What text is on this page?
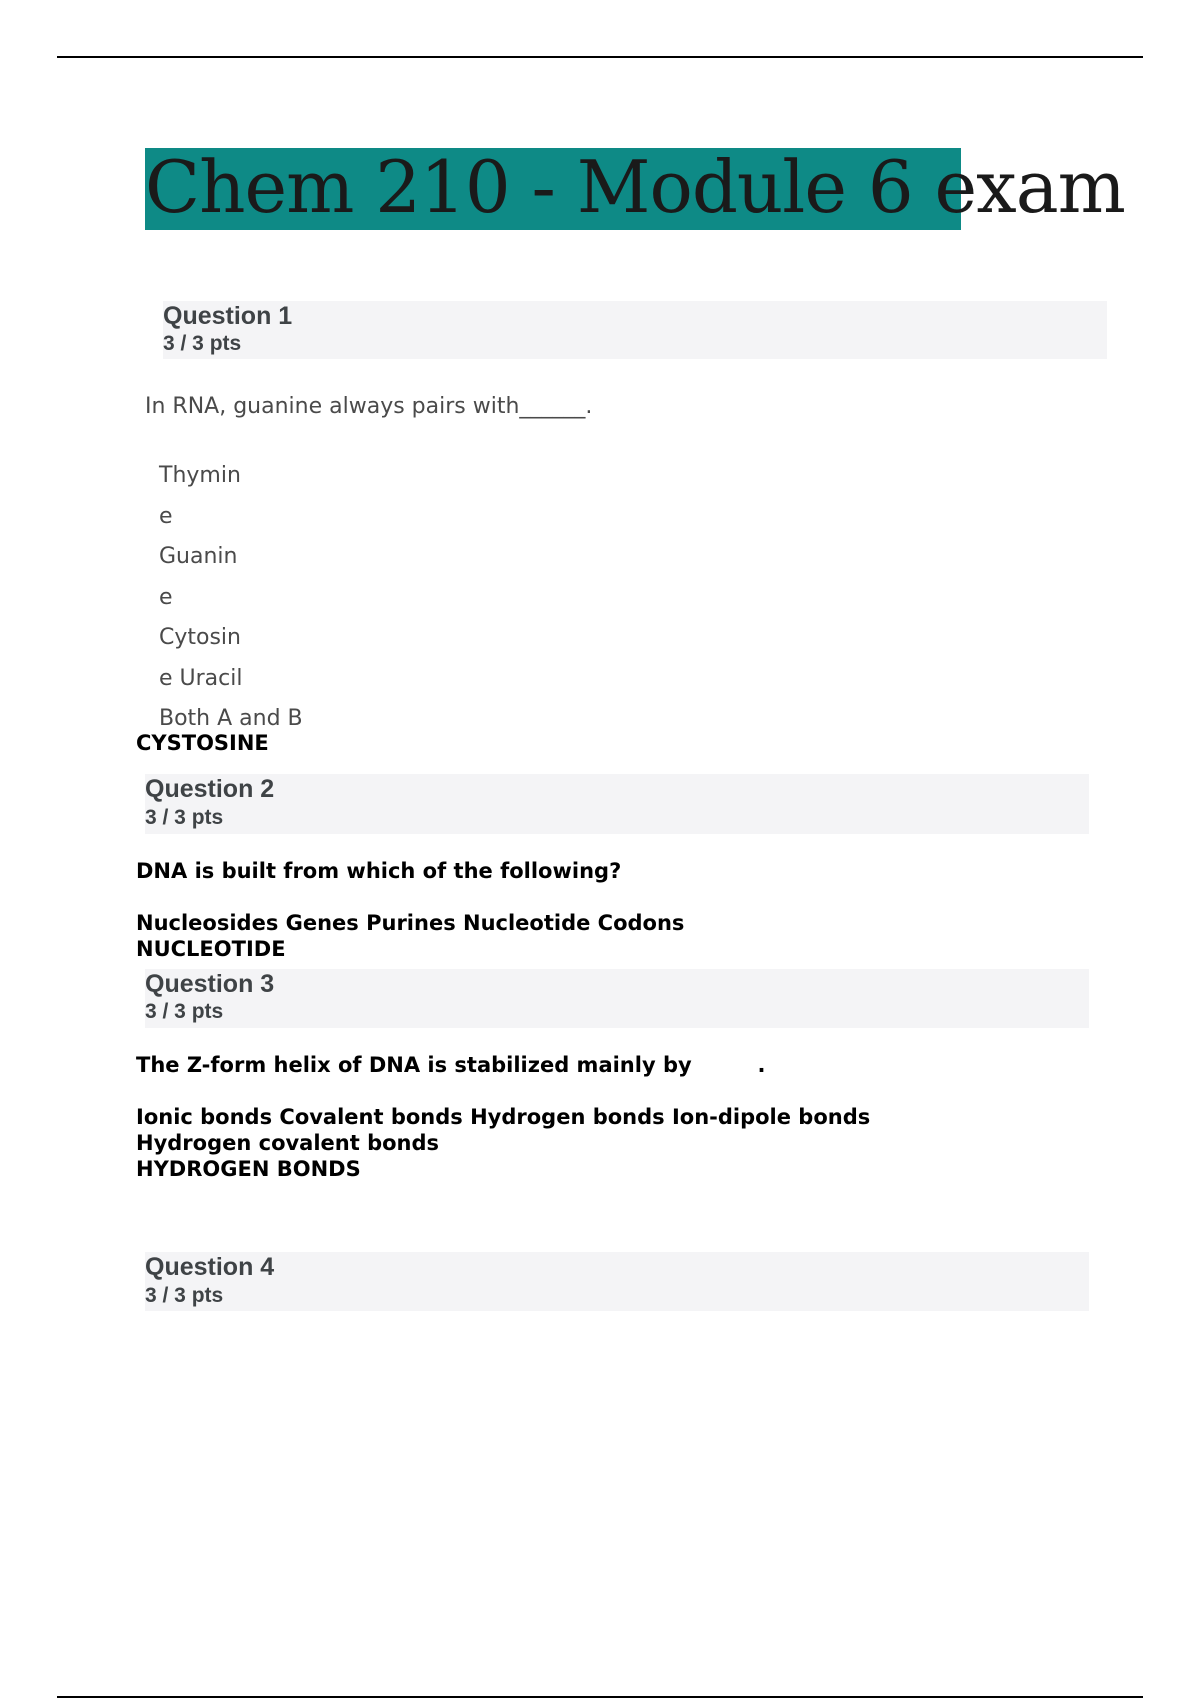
Chem 210 - Module 6 exam
Question 1
3 / 3 pts
In RNA, guanine always pairs with______.
Thymin
e
Guanin
e
Cytosin
e Uracil
Both A and B
CYSTOSINE
Question 2
3 / 3 pts
DNA is built from which of the following?
Nucleosides Genes Purines Nucleotide Codons
NUCLEOTIDE
Question 3
3 / 3 pts
The Z-form helix of DNA is stabilized mainly by         .
Ionic bonds Covalent bonds Hydrogen bonds Ion-dipole bonds
Hydrogen covalent bonds
HYDROGEN BONDS
Question 4
3 / 3 pts
